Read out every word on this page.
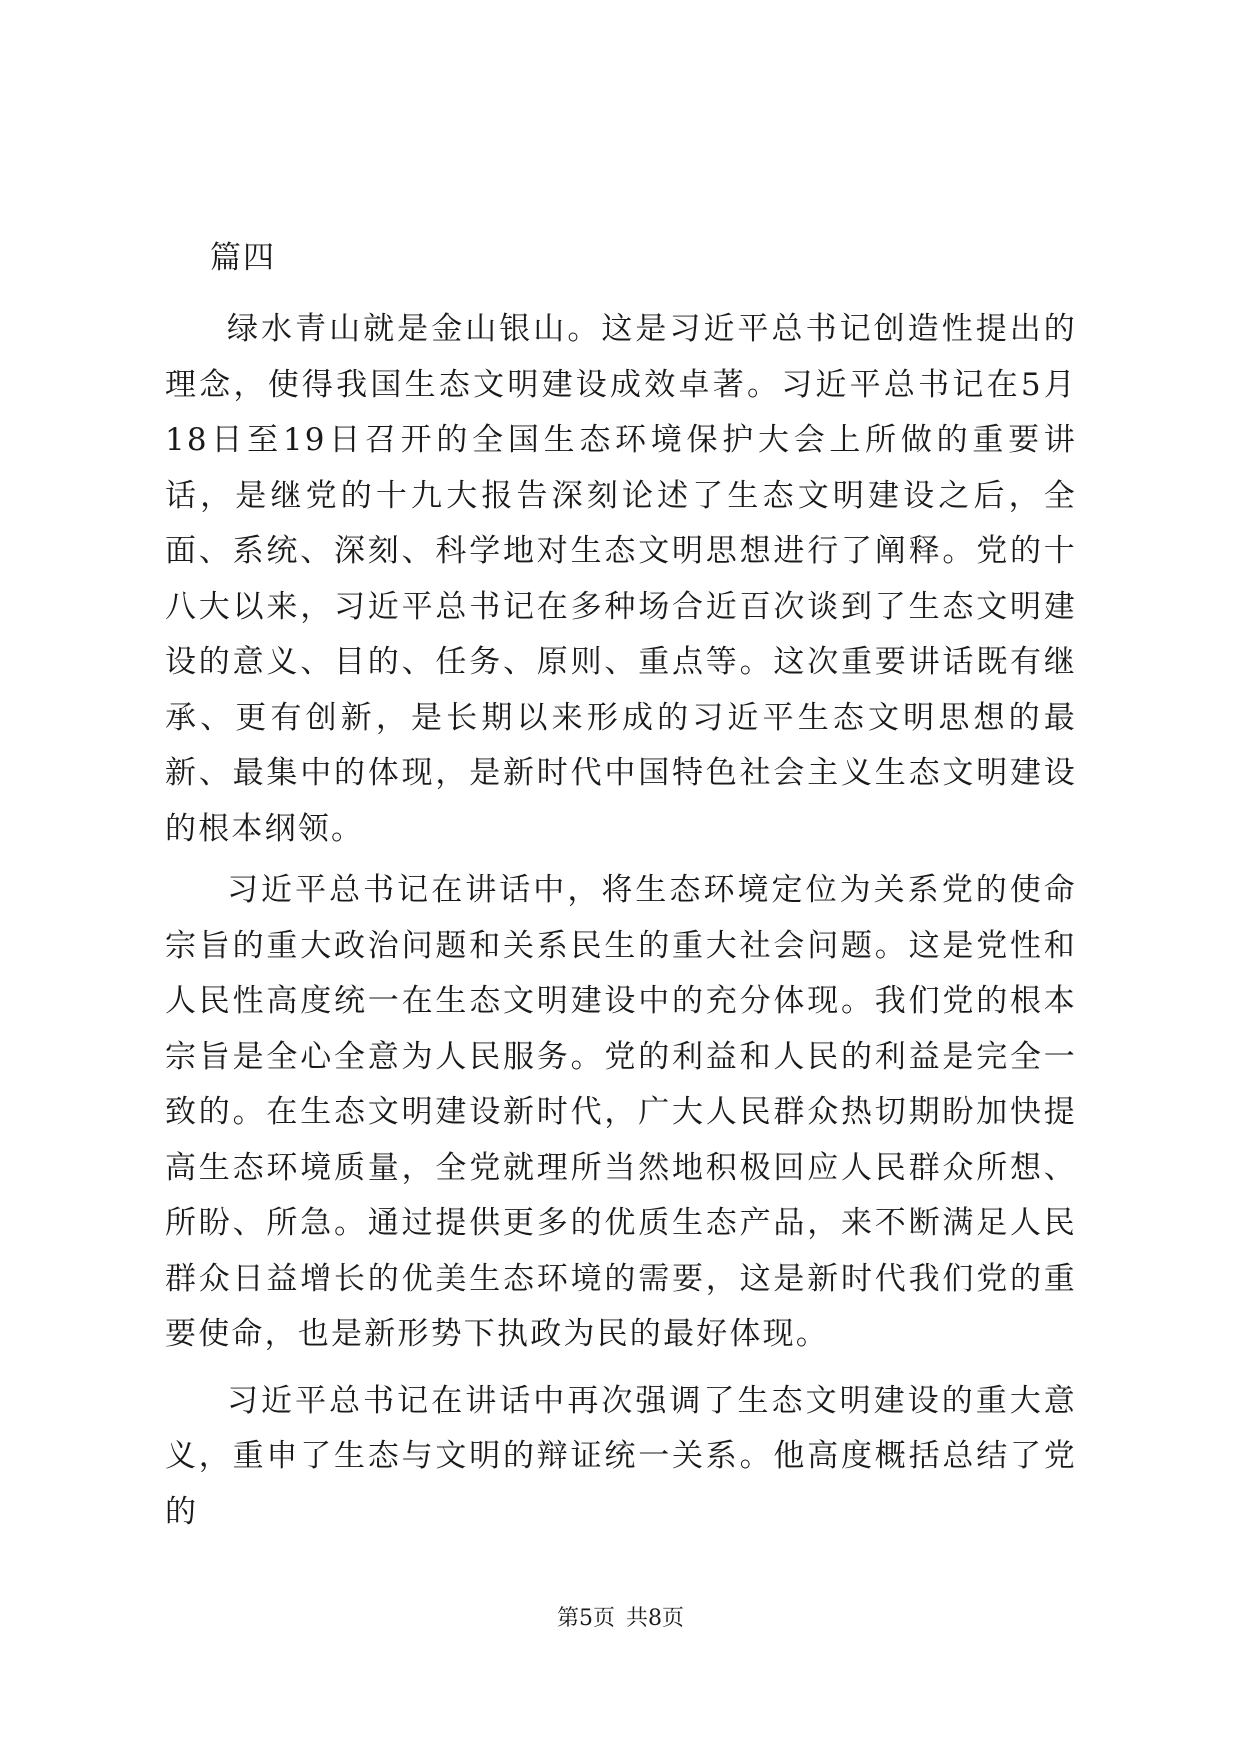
篇四

绿水青山就是金山银山。这是习近平总书记创造性提出的理念，使得我国生态文明建设成效卓著。习近平总书记在5月18日至19日召开的全国生态环境保护大会上所做的重要讲话，是继党的十九大报告深刻论述了生态文明建设之后，全面、系统、深刻、科学地对生态文明思想进行了阐释。党的十八大以来，习近平总书记在多种场合近百次谈到了生态文明建设的意义、目的、任务、原则、重点等。这次重要讲话既有继承、更有创新，是长期以来形成的习近平生态文明思想的最新、最集中的体现，是新时代中国特色社会主义生态文明建设的根本纲领。

习近平总书记在讲话中，将生态环境定位为关系党的使命宗旨的重大政治问题和关系民生的重大社会问题。这是党性和人民性高度统一在生态文明建设中的充分体现。我们党的根本宗旨是全心全意为人民服务。党的利益和人民的利益是完全一致的。在生态文明建设新时代，广大人民群众热切期盼加快提高生态环境质量，全党就理所当然地积极回应人民群众所想、所盼、所急。通过提供更多的优质生态产品，来不断满足人民群众日益增长的优美生态环境的需要，这是新时代我们党的重要使命，也是新形势下执政为民的最好体现。

习近平总书记在讲话中再次强调了生态文明建设的重大意义，重申了生态与文明的辩证统一关系。他高度概括总结了党的

第5页 共8页
